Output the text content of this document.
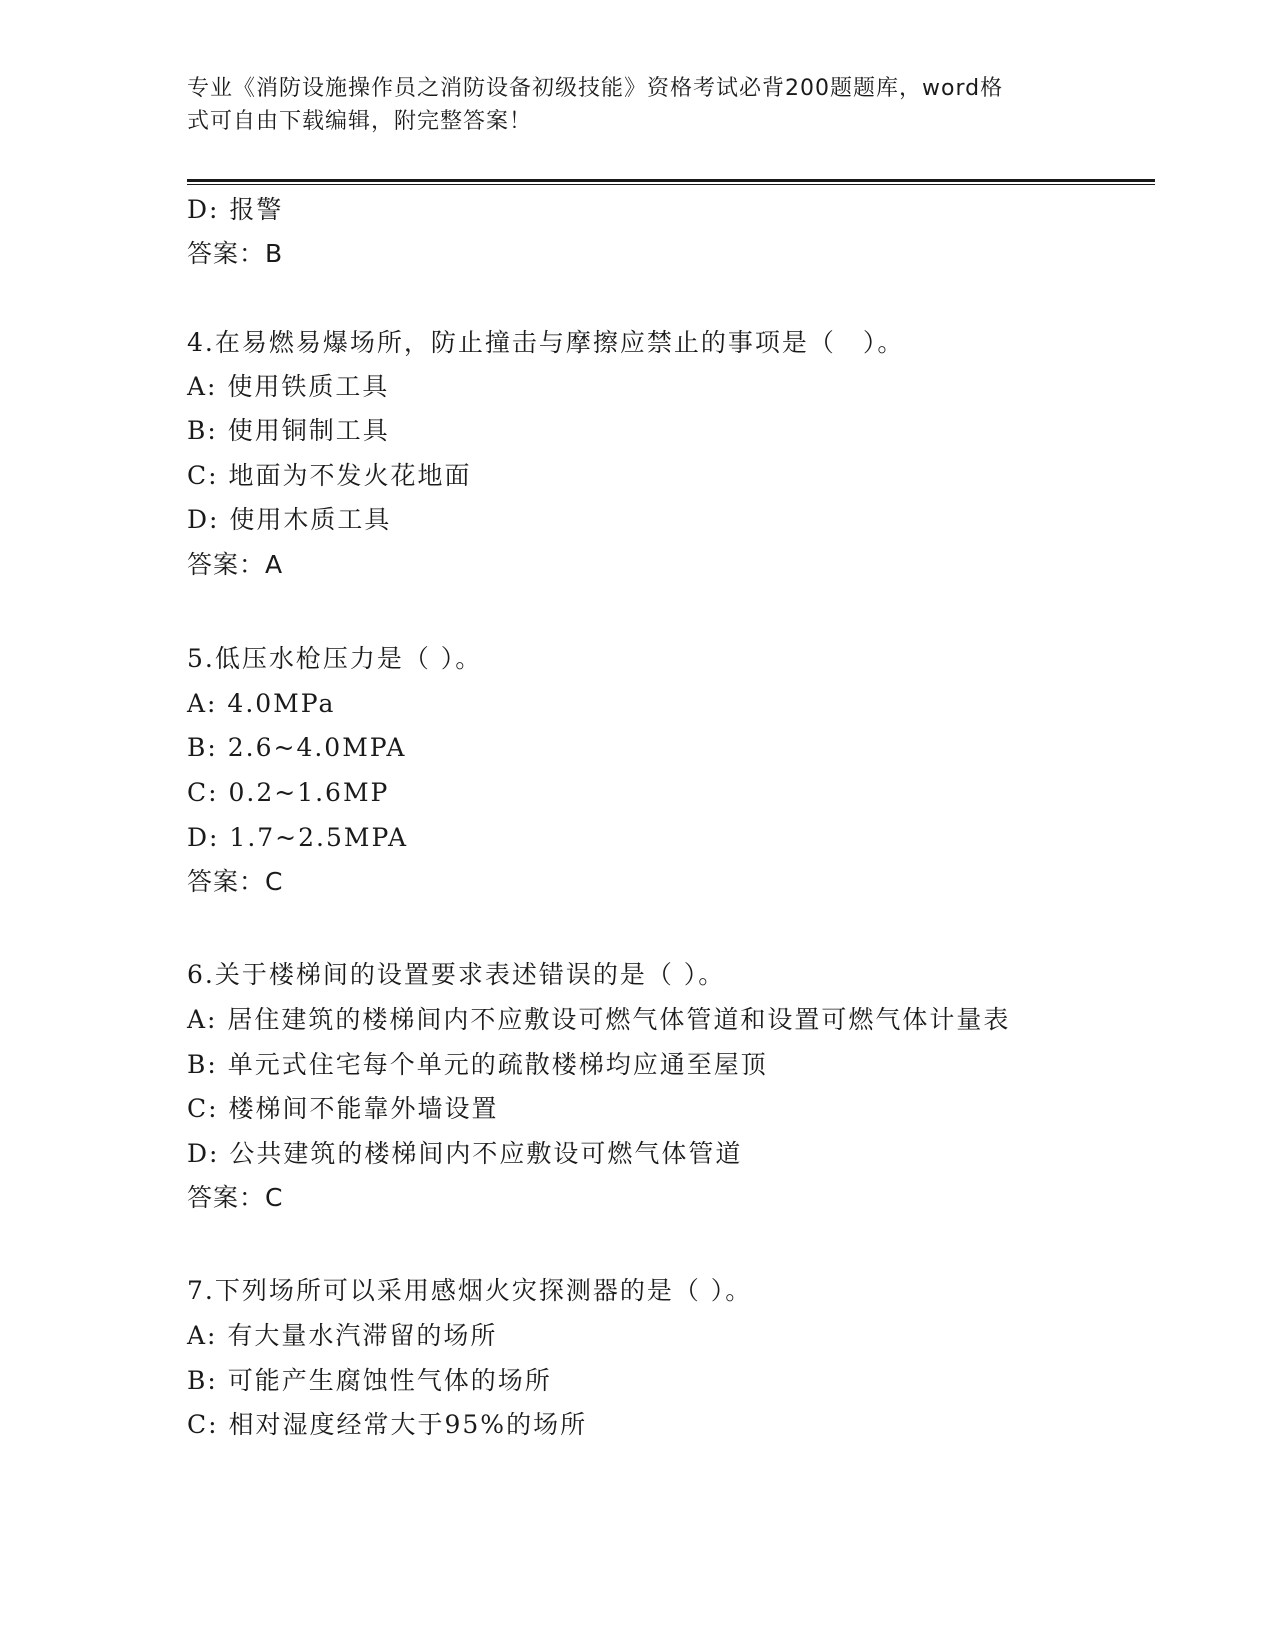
专业《消防设施操作员之消防设备初级技能》资格考试必背200题题库，word格
式可自由下载编辑，附完整答案！
D: 报警
答案：B
4.在易燃易爆场所，防止撞击与摩擦应禁止的事项是（　）。
A: 使用铁质工具
B: 使用铜制工具
C: 地面为不发火花地面
D: 使用木质工具
答案：A
5.低压水枪压力是（ ）。
A: 4.0MPa
B: 2.6~4.0MPA
C: 0.2~1.6MP
D: 1.7~2.5MPA
答案：C
6.关于楼梯间的设置要求表述错误的是（ ）。
A: 居住建筑的楼梯间内不应敷设可燃气体管道和设置可燃气体计量表
B: 单元式住宅每个单元的疏散楼梯均应通至屋顶
C: 楼梯间不能靠外墙设置
D: 公共建筑的楼梯间内不应敷设可燃气体管道
答案：C
7.下列场所可以采用感烟火灾探测器的是（ ）。
A: 有大量水汽滞留的场所
B: 可能产生腐蚀性气体的场所
C: 相对湿度经常大于95%的场所
